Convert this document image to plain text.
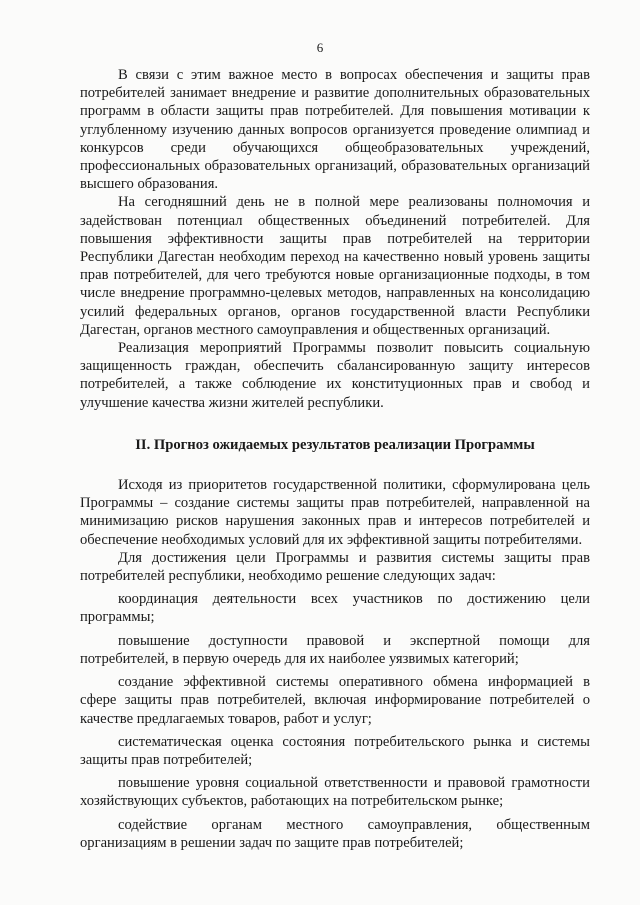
6

В связи с этим важное место в вопросах обеспечения и защиты прав потребителей занимает внедрение и развитие дополнительных образовательных программ в области защиты прав потребителей. Для повышения мотивации к углубленному изучению данных вопросов организуется проведение олимпиад и конкурсов среди обучающихся общеобразовательных учреждений, профессиональных образовательных организаций, образовательных организаций высшего образования.

На сегодняшний день не в полной мере реализованы полномочия и задействован потенциал общественных объединений потребителей. Для повышения эффективности защиты прав потребителей на территории Республики Дагестан необходим переход на качественно новый уровень защиты прав потребителей, для чего требуются новые организационные подходы, в том числе внедрение программно-целевых методов, направленных на консолидацию усилий федеральных органов, органов государственной власти Республики Дагестан, органов местного самоуправления и общественных организаций.

Реализация мероприятий Программы позволит повысить социальную защищенность граждан, обеспечить сбалансированную защиту интересов потребителей, а также соблюдение их конституционных прав и свобод и улучшение качества жизни жителей республики.

II. Прогноз ожидаемых результатов реализации Программы

Исходя из приоритетов государственной политики, сформулирована цель Программы – создание системы защиты прав потребителей, направленной на минимизацию рисков нарушения законных прав и интересов потребителей и обеспечение необходимых условий для их эффективной защиты потребителями.

Для достижения цели Программы и развития системы защиты прав потребителей республики, необходимо решение следующих задач:

координация деятельности всех участников по достижению цели программы;

повышение доступности правовой и экспертной помощи для потребителей, в первую очередь для их наиболее уязвимых категорий;

создание эффективной системы оперативного обмена информацией в сфере защиты прав потребителей, включая информирование потребителей о качестве предлагаемых товаров, работ и услуг;

систематическая оценка состояния потребительского рынка и системы защиты прав потребителей;

повышение уровня социальной ответственности и правовой грамотности хозяйствующих субъектов, работающих на потребительском рынке;

содействие органам местного самоуправления, общественным организациям в решении задач по защите прав потребителей;
